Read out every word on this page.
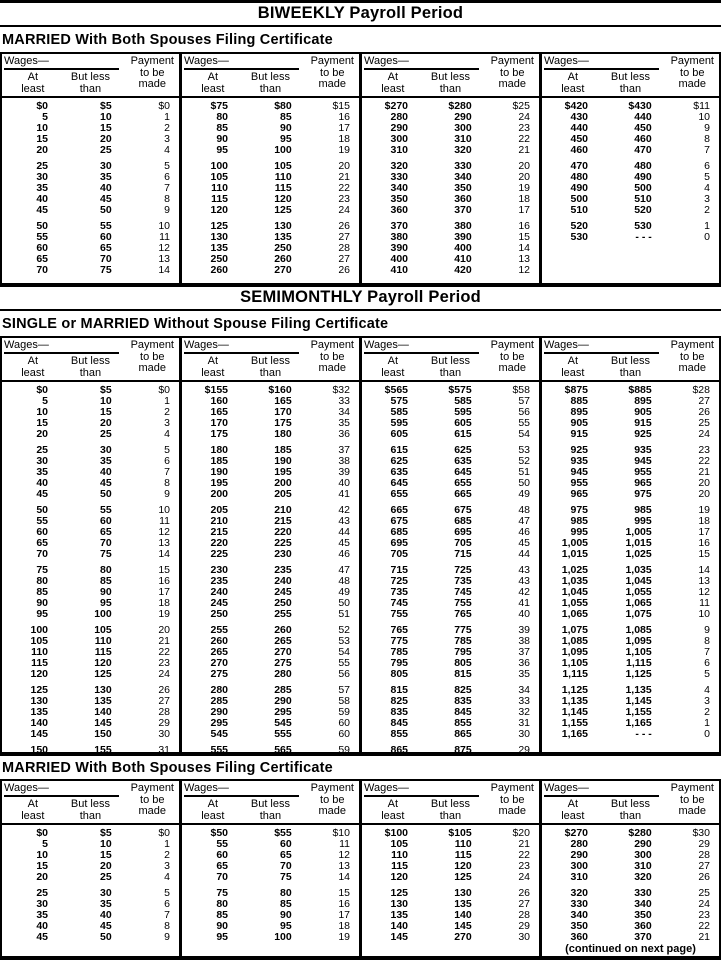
BIWEEKLY Payroll Period
MARRIED With Both Spouses Filing Certificate
Wages—
At
least
But less
than
Payment
to be
made
$0	$5	$0
5	10	1
10	15	2
15	20	3
20	25	4
25	30	5
30	35	6
35	40	7
40	45	8
45	50	9
50	55	10
55	60	11
60	65	12
65	70	13
70	75	14
Wages—
At
least
But less
than
Payment
to be
made
$75	$80	$15
80	85	16
85	90	17
90	95	18
95	100	19
100	105	20
105	110	21
110	115	22
115	120	23
120	125	24
125	130	26
130	135	27
135	250	28
250	260	27
260	270	26
Wages—
At
least
But less
than
Payment
to be
made
$270	$280	$25
280	290	24
290	300	23
300	310	22
310	320	21
320	330	20
330	340	20
340	350	19
350	360	18
360	370	17
370	380	16
380	390	15
390	400	14
400	410	13
410	420	12
Wages—
At
least
But less
than
Payment
to be
made
$420	$430	$11
430	440	10
440	450	9
450	460	8
460	470	7
470	480	6
480	490	5
490	500	4
500	510	3
510	520	2
520	530	1
530	- - -	0
SEMIMONTHLY Payroll Period
SINGLE or MARRIED Without Spouse Filing Certificate
Wages—
At
least
But less
than
Payment
to be
made
$0	$5	$0
5	10	1
10	15	2
15	20	3
20	25	4
25	30	5
30	35	6
35	40	7
40	45	8
45	50	9
50	55	10
55	60	11
60	65	12
65	70	13
70	75	14
75	80	15
80	85	16
85	90	17
90	95	18
95	100	19
100	105	20
105	110	21
110	115	22
115	120	23
120	125	24
125	130	26
130	135	27
135	140	28
140	145	29
145	150	30
150	155	31
Wages—
At
least
But less
than
Payment
to be
made
$155	$160	$32
160	165	33
165	170	34
170	175	35
175	180	36
180	185	37
185	190	38
190	195	39
195	200	40
200	205	41
205	210	42
210	215	43
215	220	44
220	225	45
225	230	46
230	235	47
235	240	48
240	245	49
245	250	50
250	255	51
255	260	52
260	265	53
265	270	54
270	275	55
275	280	56
280	285	57
285	290	58
290	295	59
295	545	60
545	555	60
555	565	59
Wages—
At
least
But less
than
Payment
to be
made
$565	$575	$58
575	585	57
585	595	56
595	605	55
605	615	54
615	625	53
625	635	52
635	645	51
645	655	50
655	665	49
665	675	48
675	685	47
685	695	46
695	705	45
705	715	44
715	725	43
725	735	43
735	745	42
745	755	41
755	765	40
765	775	39
775	785	38
785	795	37
795	805	36
805	815	35
815	825	34
825	835	33
835	845	32
845	855	31
855	865	30
865	875	29
Wages—
At
least
But less
than
Payment
to be
made
$875	$885	$28
885	895	27
895	905	26
905	915	25
915	925	24
925	935	23
935	945	22
945	955	21
955	965	20
965	975	20
975	985	19
985	995	18
995	1,005	17
1,005	1,015	16
1,015	1,025	15
1,025	1,035	14
1,035	1,045	13
1,045	1,055	12
1,055	1,065	11
1,065	1,075	10
1,075	1,085	9
1,085	1,095	8
1,095	1,105	7
1,105	1,115	6
1,115	1,125	5
1,125	1,135	4
1,135	1,145	3
1,145	1,155	2
1,155	1,165	1
1,165	- - -	0
MARRIED With Both Spouses Filing Certificate
Wages—
At
least
But less
than
Payment
to be
made
$0	$5	$0
5	10	1
10	15	2
15	20	3
20	25	4
25	30	5
30	35	6
35	40	7
40	45	8
45	50	9
Wages—
At
least
But less
than
Payment
to be
made
$50	$55	$10
55	60	11
60	65	12
65	70	13
70	75	14
75	80	15
80	85	16
85	90	17
90	95	18
95	100	19
Wages—
At
least
But less
than
Payment
to be
made
$100	$105	$20
105	110	21
110	115	22
115	120	23
120	125	24
125	130	26
130	135	27
135	140	28
140	145	29
145	270	30
Wages—
At
least
But less
than
Payment
to be
made
$270	$280	$30
280	290	29
290	300	28
300	310	27
310	320	26
320	330	25
330	340	24
340	350	23
350	360	22
360	370	21
(continued on next page)
